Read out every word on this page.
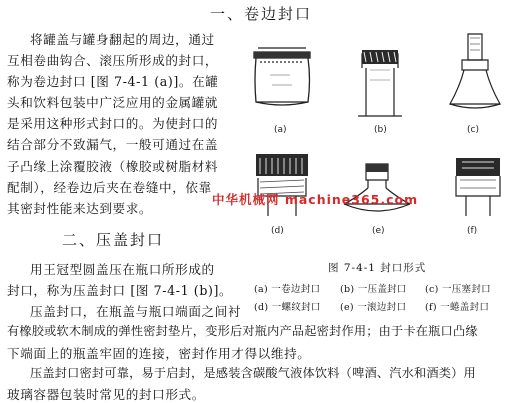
一、卷边封口
将罐盖与罐身翻起的周边，通过
互相卷曲钩合、滚压所形成的封口，
称为卷边封口 [图 7-4-1 (a)]。在罐
头和饮料包装中广泛应用的金属罐就
是采用这种形式封口的。为使封口的
结合部分不致漏气，一般可通过在盖
子凸缘上涂覆胶液（橡胶或树脂材料
配制），经卷边后夹在卷缝中，依靠
其密封性能来达到要求。
二、压盖封口
用王冠型圆盖压在瓶口所形成的
封口，称为压盖封口 [图 7-4-1 (b)]。
压盖封口，在瓶盖与瓶口端面之间衬
有橡胶或软木制成的弹性密封垫片，变形后对瓶内产品起密封作用；由于卡在瓶口凸缘
下端面上的瓶盖牢固的连接，密封作用才得以维持。
压盖封口密封可靠，易于启封，是感装含碳酸气液体饮料（啤酒、汽水和酒类）用
玻璃容器包装时常见的封口形式。
(a)	(b)	(c)
(d)	(e)	(f)
图 7-4-1 封口形式
(a) 一卷边封口 (b) 一压盖封口 (c) 一压塞封口
(d) 一螺纹封口 (e) 一滚边封口 (f) 一蜷盖封口
中华机械网 machine365.com
